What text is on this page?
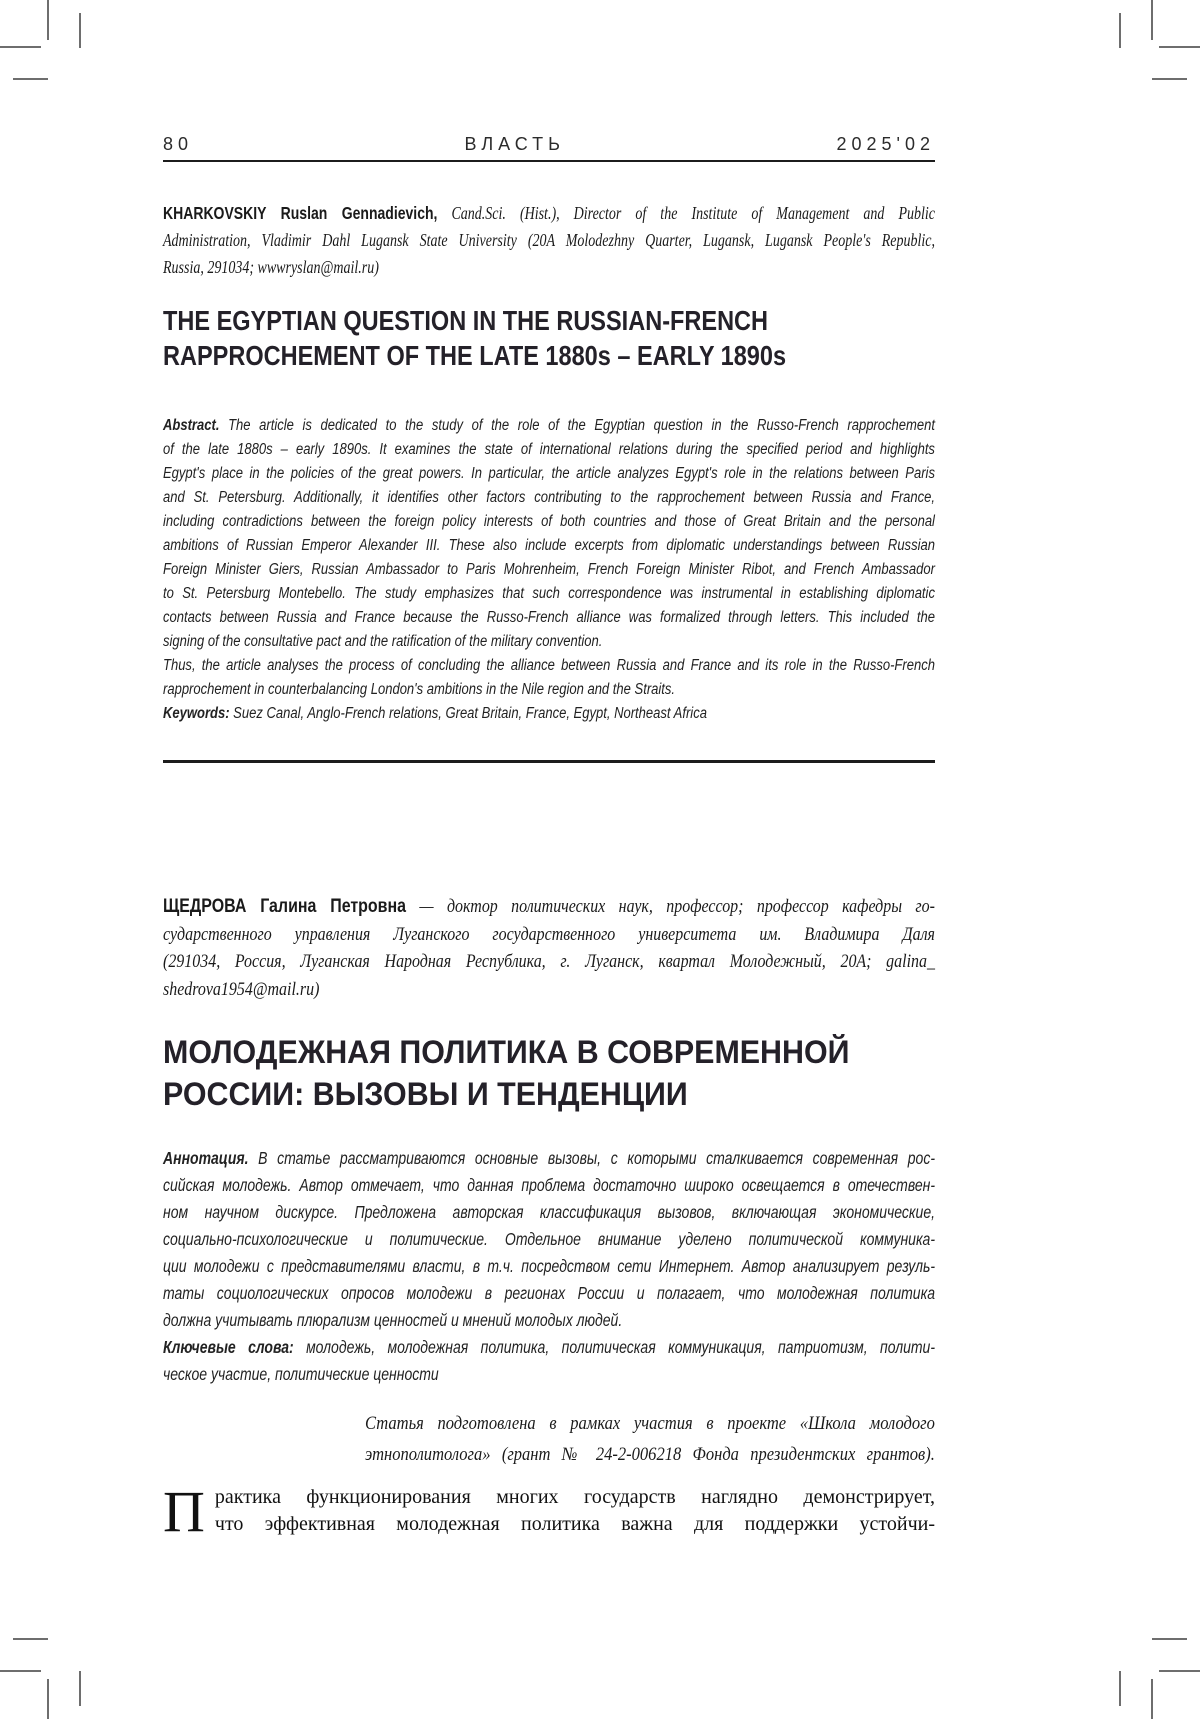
80	ВЛАСТЬ	2025'02
KHARKOVSKIY Ruslan Gennadievich, Cand.Sci. (Hist.), Director of the Institute of Management and Public
Administration, Vladimir Dahl Lugansk State University (20A Molodezhny Quarter, Lugansk, Lugansk People's Republic,
Russia, 291034; wwwryslan@mail.ru)
THE EGYPTIAN QUESTION IN THE RUSSIAN-FRENCH
RAPPROCHEMENT OF THE LATE 1880s – EARLY 1890s
Abstract. The article is dedicated to the study of the role of the Egyptian question in the Russo-French rapprochement
of the late 1880s – early 1890s. It examines the state of international relations during the specified period and highlights
Egypt's place in the policies of the great powers. In particular, the article analyzes Egypt's role in the relations between Paris
and St. Petersburg. Additionally, it identifies other factors contributing to the rapprochement between Russia and France,
including contradictions between the foreign policy interests of both countries and those of Great Britain and the personal
ambitions of Russian Emperor Alexander III. These also include excerpts from diplomatic understandings between Russian
Foreign Minister Giers, Russian Ambassador to Paris Mohrenheim, French Foreign Minister Ribot, and French Ambassador
to St. Petersburg Montebello. The study emphasizes that such correspondence was instrumental in establishing diplomatic
contacts between Russia and France because the Russo-French alliance was formalized through letters. This included the
signing of the consultative pact and the ratification of the military convention.
Thus, the article analyses the process of concluding the alliance between Russia and France and its role in the Russo-French
rapprochement in counterbalancing London's ambitions in the Nile region and the Straits.
Keywords: Suez Canal, Anglo-French relations, Great Britain, France, Egypt, Northeast Africa
ЩЕДРОВА Галина Петровна — доктор политических наук, профессор; профессор кафедры го-
сударственного управления Луганского государственного университета им. Владимира Даля
(291034, Россия, Луганская Народная Республика, г. Луганск, квартал Молодежный, 20А; galina_
shedrova1954@mail.ru)
МОЛОДЕЖНАЯ ПОЛИТИКА В СОВРЕМЕННОЙ
РОССИИ: ВЫЗОВЫ И ТЕНДЕНЦИИ
Аннотация. В статье рассматриваются основные вызовы, с которыми сталкивается современная рос-
сийская молодежь. Автор отмечает, что данная проблема достаточно широко освещается в отечествен-
ном научном дискурсе. Предложена авторская классификация вызовов, включающая экономические,
социально-психологические и политические. Отдельное внимание уделено политической коммуника-
ции молодежи с представителями власти, в т.ч. посредством сети Интернет. Автор анализирует резуль-
таты социологических опросов молодежи в регионах России и полагает, что молодежная политика
должна учитывать плюрализм ценностей и мнений молодых людей.
Ключевые слова: молодежь, молодежная политика, политическая коммуникация, патриотизм, полити-
ческое участие, политические ценности
Статья подготовлена в рамках участия в проекте «Школа молодого
этнополитолога» (грант № 24-2-006218 Фонда президентских грантов).
П рактика функционирования многих государств наглядно демонстрирует,
что эффективная молодежная политика важна для поддержки устойчи-
